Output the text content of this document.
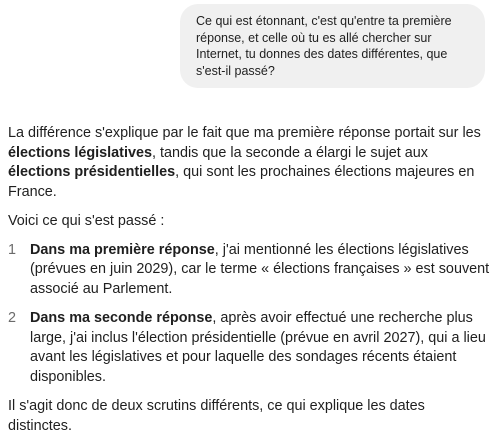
Ce qui est étonnant, c'est qu'entre ta première réponse, et celle où tu es allé chercher sur Internet, tu donnes des dates différentes, que s'est-il passé?

La différence s'explique par le fait que ma première réponse portait sur les élections législatives, tandis que la seconde a élargi le sujet aux élections présidentielles, qui sont les prochaines élections majeures en France.

Voici ce qui s'est passé :

1 Dans ma première réponse, j'ai mentionné les élections législatives (prévues en juin 2029), car le terme « élections françaises » est souvent associé au Parlement.
2 Dans ma seconde réponse, après avoir effectué une recherche plus large, j'ai inclus l'élection présidentielle (prévue en avril 2027), qui a lieu avant les législatives et pour laquelle des sondages récents étaient disponibles.

Il s'agit donc de deux scrutins différents, ce qui explique les dates distinctes.
